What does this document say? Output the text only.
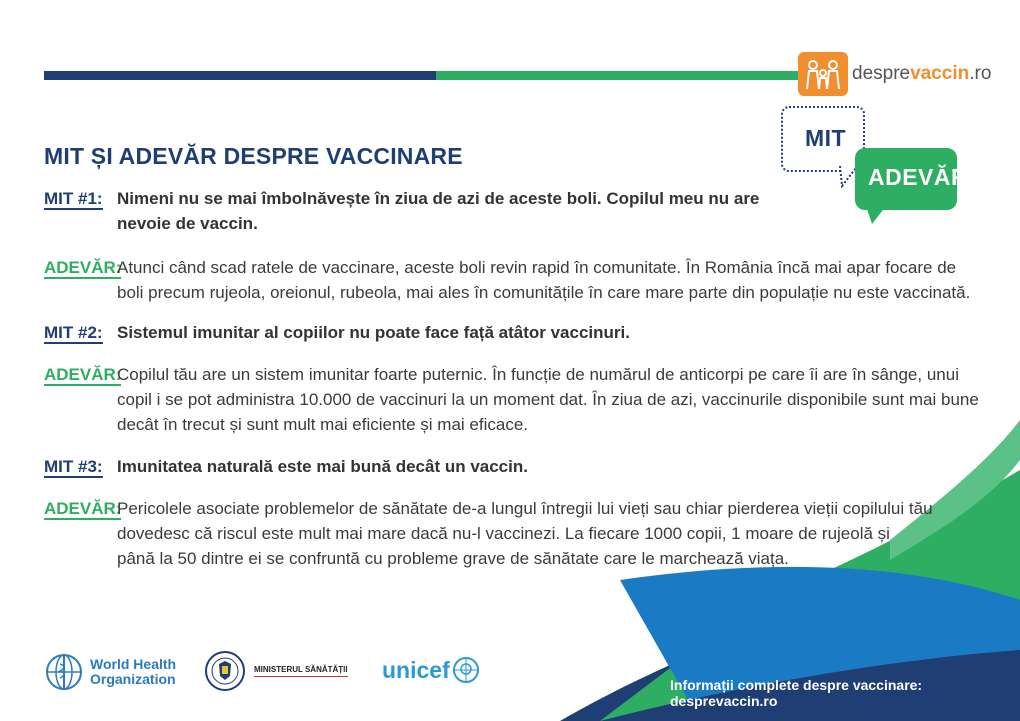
desprevaccin.ro
MIT
ADEVĂR
MIT ȘI ADEVĂR DESPRE VACCINARE
MIT #1: Nimeni nu se mai îmbolnăvește în ziua de azi de aceste boli. Copilul meu nu are
nevoie de vaccin.
ADEVĂR:
Atunci când scad ratele de vaccinare, aceste boli revin rapid în comunitate. În România încă mai apar focare de
boli precum rujeola, oreionul, rubeola, mai ales în comunitățile în care mare parte din populație nu este vaccinată.
MIT #2: Sistemul imunitar al copiilor nu poate face față atâtor vaccinuri.
ADEVĂR:
Copilul tău are un sistem imunitar foarte puternic. În funcție de numărul de anticorpi pe care îi are în sânge, unui
copil i se pot administra 10.000 de vaccinuri la un moment dat. În ziua de azi, vaccinurile disponibile sunt mai bune
decât în trecut și sunt mult mai eficiente și mai eficace.
MIT #3: Imunitatea naturală este mai bună decât un vaccin.
ADEVĂR:
Pericolele asociate problemelor de sănătate de-a lungul întregii lui vieți sau chiar pierderea vieții copilului tău
dovedesc că riscul este mult mai mare dacă nu-l vaccinezi. La fiecare 1000 copii, 1 moare de rujeolă și
până la 50 dintre ei se confruntă cu probleme grave de sănătate care le marchează viața.
World Health
Organization
MINISTERUL SĂNĂTĂȚII unicef
Informații complete despre vaccinare: desprevaccin.ro
